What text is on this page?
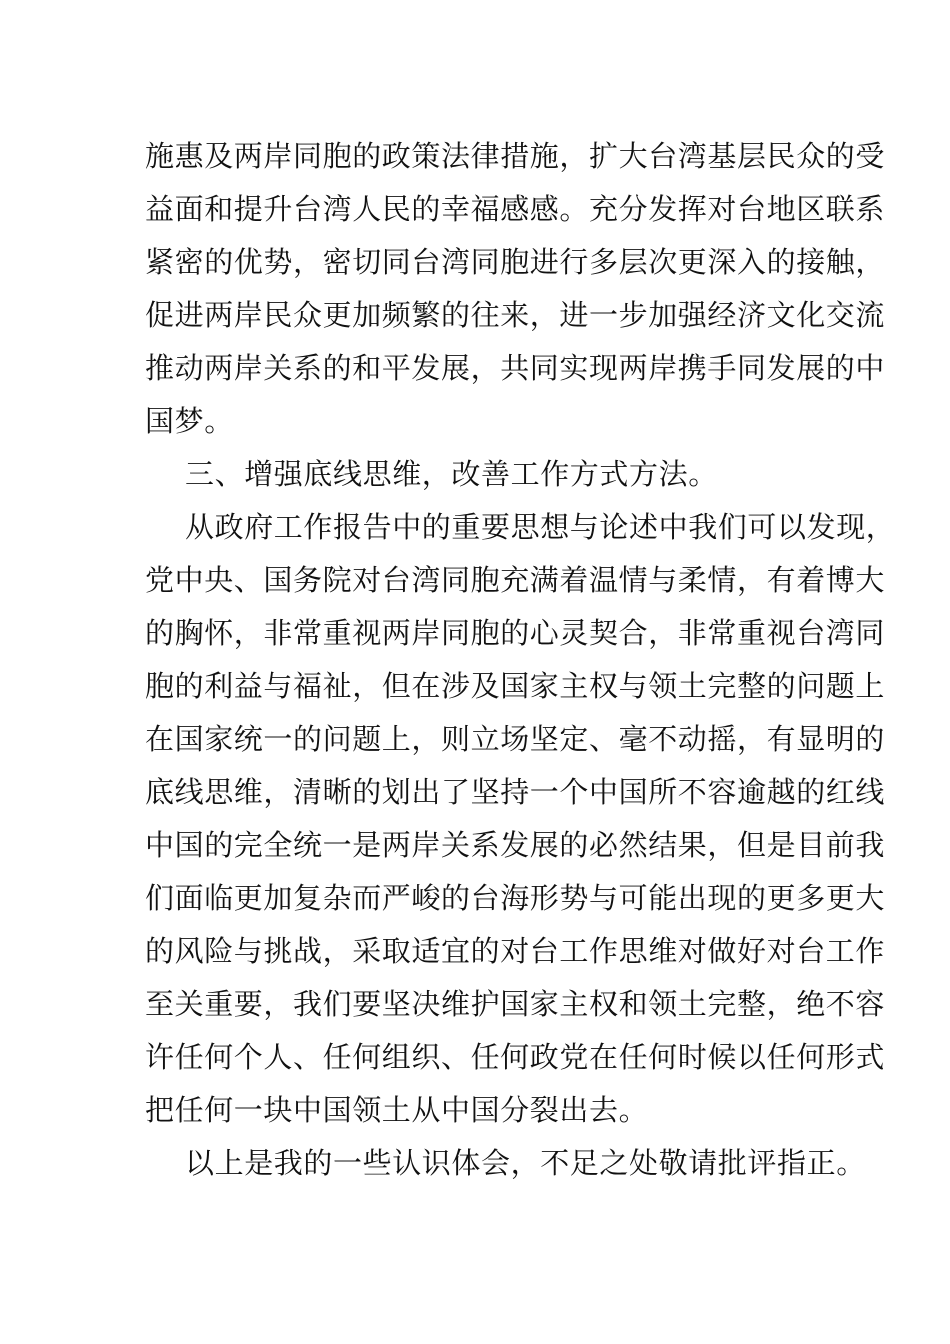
施惠及两岸同胞的政策法律措施，扩大台湾基层民众的受
益面和提升台湾人民的幸福感感。充分发挥对台地区联系
紧密的优势，密切同台湾同胞进行多层次更深入的接触，
促进两岸民众更加频繁的往来，进一步加强经济文化交流
推动两岸关系的和平发展，共同实现两岸携手同发展的中
国梦。
三、增强底线思维，改善工作方式方法。
从政府工作报告中的重要思想与论述中我们可以发现，
党中央、国务院对台湾同胞充满着温情与柔情，有着博大
的胸怀，非常重视两岸同胞的心灵契合，非常重视台湾同
胞的利益与福祉，但在涉及国家主权与领土完整的问题上
在国家统一的问题上，则立场坚定、毫不动摇，有显明的
底线思维，清晰的划出了坚持一个中国所不容逾越的红线
中国的完全统一是两岸关系发展的必然结果，但是目前我
们面临更加复杂而严峻的台海形势与可能出现的更多更大
的风险与挑战，采取适宜的对台工作思维对做好对台工作
至关重要，我们要坚决维护国家主权和领土完整，绝不容
许任何个人、任何组织、任何政党在任何时候以任何形式
把任何一块中国领土从中国分裂出去。
以上是我的一些认识体会，不足之处敬请批评指正。
